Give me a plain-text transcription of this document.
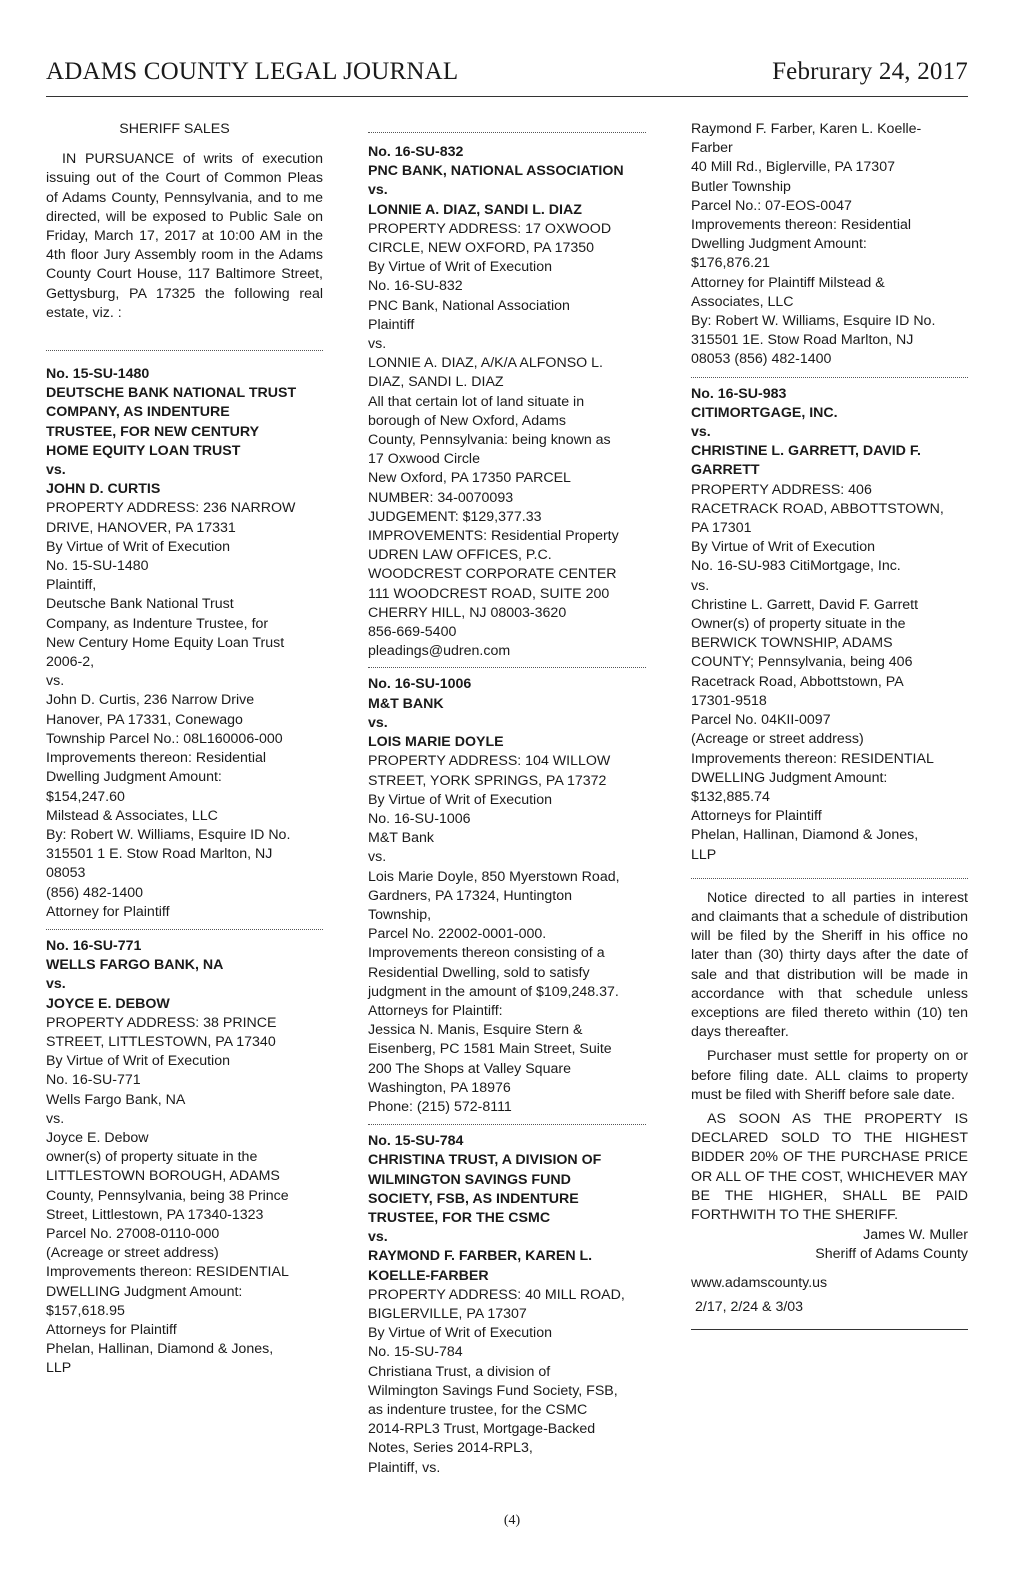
ADAMS COUNTY LEGAL JOURNAL	Februrary 24, 2017

SHERIFF SALES

IN PURSUANCE of writs of execution issuing out of the Court of Common Pleas of Adams County, Pennsylvania, and to me directed, will be exposed to Public Sale on Friday, March 17, 2017 at 10:00 AM in the 4th floor Jury Assembly room in the Adams County Court House, 117 Baltimore Street, Gettysburg, PA 17325 the following real estate, viz. :

No. 15-SU-1480

DEUTSCHE BANK NATIONAL TRUST

COMPANY, AS INDENTURE

TRUSTEE, FOR NEW CENTURY

HOME EQUITY LOAN TRUST

vs.

JOHN D. CURTIS

PROPERTY ADDRESS: 236 NARROW

DRIVE, HANOVER, PA 17331

By Virtue of Writ of Execution

No. 15-SU-1480

Plaintiff,

Deutsche Bank National Trust

Company, as Indenture Trustee, for

New Century Home Equity Loan Trust

2006-2,

vs.

John D. Curtis, 236 Narrow Drive

Hanover, PA 17331, Conewago

Township Parcel No.: 08L160006-000

Improvements thereon: Residential

Dwelling Judgment Amount:

$154,247.60

Milstead & Associates, LLC

By: Robert W. Williams, Esquire ID No.

315501 1 E. Stow Road Marlton, NJ

08053

(856) 482-1400

Attorney for Plaintiff

No. 16-SU-771

WELLS FARGO BANK, NA

vs.

JOYCE E. DEBOW

PROPERTY ADDRESS: 38 PRINCE

STREET, LITTLESTOWN, PA 17340

By Virtue of Writ of Execution

No. 16-SU-771

Wells Fargo Bank, NA

vs.

Joyce E. Debow

owner(s) of property situate in the

LITTLESTOWN BOROUGH, ADAMS

County, Pennsylvania, being 38 Prince

Street, Littlestown, PA 17340-1323

Parcel No. 27008-0110-000

(Acreage or street address)

Improvements thereon: RESIDENTIAL

DWELLING Judgment Amount:

$157,618.95

Attorneys for Plaintiff

Phelan, Hallinan, Diamond & Jones,

LLP

No. 16-SU-832

PNC BANK, NATIONAL ASSOCIATION

vs.

LONNIE A. DIAZ, SANDI L. DIAZ

PROPERTY ADDRESS: 17 OXWOOD

CIRCLE, NEW OXFORD, PA 17350

By Virtue of Writ of Execution

No. 16-SU-832

PNC Bank, National Association

Plaintiff

vs.

LONNIE A. DIAZ, A/K/A ALFONSO L.

DIAZ, SANDI L. DIAZ

All that certain lot of land situate in

borough of New Oxford, Adams

County, Pennsylvania: being known as

17 Oxwood Circle

New Oxford, PA 17350 PARCEL

NUMBER: 34-0070093

JUDGEMENT: $129,377.33

IMPROVEMENTS: Residential Property

UDREN LAW OFFICES, P.C.

WOODCREST CORPORATE CENTER

111 WOODCREST ROAD, SUITE 200

CHERRY HILL, NJ 08003-3620

856-669-5400

pleadings@udren.com

No. 16-SU-1006

M&T BANK

vs.

LOIS MARIE DOYLE

PROPERTY ADDRESS: 104 WILLOW

STREET, YORK SPRINGS, PA 17372

By Virtue of Writ of Execution

No. 16-SU-1006

M&T Bank

vs.

Lois Marie Doyle, 850 Myerstown Road,

Gardners, PA 17324, Huntington

Township,

Parcel No. 22002-0001-000.

Improvements thereon consisting of a

Residential Dwelling, sold to satisfy

judgment in the amount of $109,248.37.

Attorneys for Plaintiff:

Jessica N. Manis, Esquire Stern &

Eisenberg, PC 1581 Main Street, Suite

200 The Shops at Valley Square

Washington, PA 18976

Phone: (215) 572-8111

No. 15-SU-784

CHRISTINA TRUST, A DIVISION OF

WILMINGTON SAVINGS FUND

SOCIETY, FSB, AS INDENTURE

TRUSTEE, FOR THE CSMC

vs.

RAYMOND F. FARBER, KAREN L.

KOELLE-FARBER

PROPERTY ADDRESS: 40 MILL ROAD,

BIGLERVILLE, PA 17307

By Virtue of Writ of Execution

No. 15-SU-784

Christiana Trust, a division of

Wilmington Savings Fund Society, FSB,

as indenture trustee, for the CSMC

2014-RPL3 Trust, Mortgage-Backed

Notes, Series 2014-RPL3,

Plaintiff, vs.

Raymond F. Farber, Karen L. Koelle-

Farber

40 Mill Rd., Biglerville, PA 17307

Butler Township

Parcel No.: 07-EOS-0047

Improvements thereon: Residential

Dwelling Judgment Amount:

$176,876.21

Attorney for Plaintiff Milstead &

Associates, LLC

By: Robert W. Williams, Esquire ID No.

315501 1E. Stow Road Marlton, NJ

08053 (856) 482-1400

No. 16-SU-983

CITIMORTGAGE, INC.

vs.

CHRISTINE L. GARRETT, DAVID F.

GARRETT

PROPERTY ADDRESS: 406

RACETRACK ROAD, ABBOTTSTOWN,

PA 17301

By Virtue of Writ of Execution

No. 16-SU-983 CitiMortgage, Inc.

vs.

Christine L. Garrett, David F. Garrett

Owner(s) of property situate in the

BERWICK TOWNSHIP, ADAMS

COUNTY; Pennsylvania, being 406

Racetrack Road, Abbottstown, PA

17301-9518

Parcel No. 04KII-0097

(Acreage or street address)

Improvements thereon: RESIDENTIAL

DWELLING Judgment Amount:

$132,885.74

Attorneys for Plaintiff

Phelan, Hallinan, Diamond & Jones,

LLP

Notice directed to all parties in interest and claimants that a schedule of distribution will be filed by the Sheriff in his office no later than (30) thirty days after the date of sale and that distribution will be made in accordance with that schedule unless exceptions are filed thereto within (10) ten days thereafter.

Purchaser must settle for property on or before filing date. ALL claims to property must be filed with Sheriff before sale date.

AS SOON AS THE PROPERTY IS DECLARED SOLD TO THE HIGHEST BIDDER 20% OF THE PURCHASE PRICE OR ALL OF THE COST, WHICHEVER MAY BE THE HIGHER, SHALL BE PAID FORTHWITH TO THE SHERIFF.

James W. Muller

Sheriff of Adams County

www.adamscounty.us

2/17, 2/24 & 3/03

(4)
